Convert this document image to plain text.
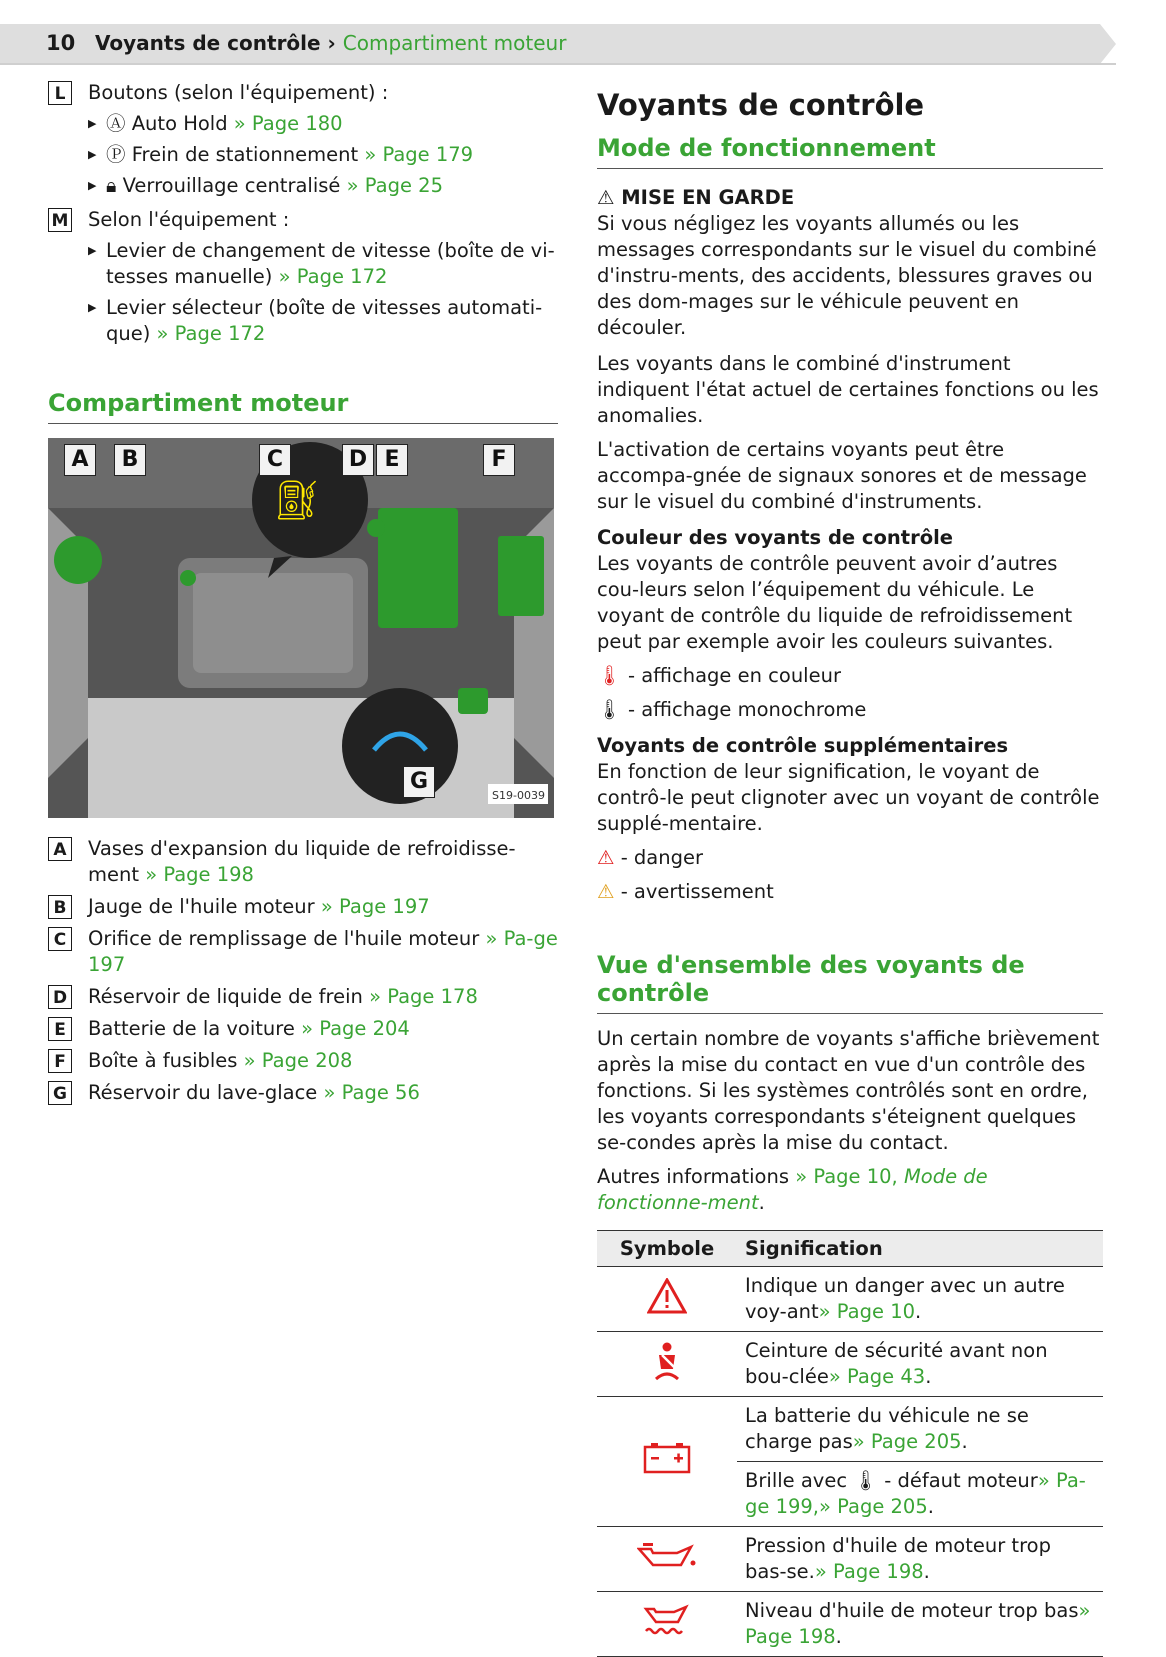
10 Voyants de contrôle › Compartiment moteur
L	Boutons (selon l'équipement) :
▶ Ⓐ Auto Hold » Page 180
▶ Ⓟ Frein de stationnement » Page 179
▶ 🔒︎ Verrouillage centralisé » Page 25
M Selon l'équipement :
▶ Levier de changement de vitesse (boîte de vi-tesses manuelle) » Page 172
▶ Levier sélecteur (boîte de vitesses automati-que) » Page 172
Compartiment moteur
⛽︎
S19-0039
A	B	C	D E	F
G
A Vases d'expansion du liquide de refroidisse-ment » Page 198
B Jauge de l'huile moteur » Page 197
C Orifice de remplissage de l'huile moteur » Pa-ge 197
D Réservoir de liquide de frein » Page 178
E	Batterie de la voiture » Page 204
F	Boîte à fusibles » Page 208
G Réservoir du lave-glace » Page 56
Voyants de contrôle
Mode de fonctionnement
⚠︎ MISE EN GARDE
Si vous négligez les voyants allumés ou les messages correspondants sur le visuel du combiné d'instru-ments, des accidents, blessures graves ou des dom-mages sur le véhicule peuvent en découler.
Les voyants dans le combiné d'instrument indiquent l'état actuel de certaines fonctions ou les anomalies.
L'activation de certains voyants peut être accompa-gnée de signaux sonores et de message sur le visuel du combiné d'instruments.
Couleur des voyants de contrôle
Les voyants de contrôle peuvent avoir d’autres cou-leurs selon l’équipement du véhicule. Le voyant de contrôle du liquide de refroidissement peut par exemple avoir les couleurs suivantes.
🌡︎ - affichage en couleur
🌡︎ - affichage monochrome
Voyants de contrôle supplémentaires
En fonction de leur signification, le voyant de contrô-le peut clignoter avec un voyant de contrôle supplé-mentaire.
⚠︎ - danger
⚠︎ - avertissement
Vue d'ensemble des voyants de contrôle
Un certain nombre de voyants s'affiche brièvement après la mise du contact en vue d'un contrôle des fonctions. Si les systèmes contrôlés sont en ordre, les voyants correspondants s'éteignent quelques se-condes après la mise du contact.
Autres informations » Page 10, Mode de fonctionne-ment.
Symbole	Signification
	Indique un danger avec un autre voy-ant» Page 10.
	Ceinture de sécurité avant non bou-clée» Page 43.
	La batterie du véhicule ne se charge pas» Page 205.
	Brille avec 🌡︎ - défaut moteur» Pa-ge 199,» Page 205.
	Pression d'huile de moteur trop bas-se.» Page 198.
	Niveau d'huile de moteur trop bas» Page 198.
